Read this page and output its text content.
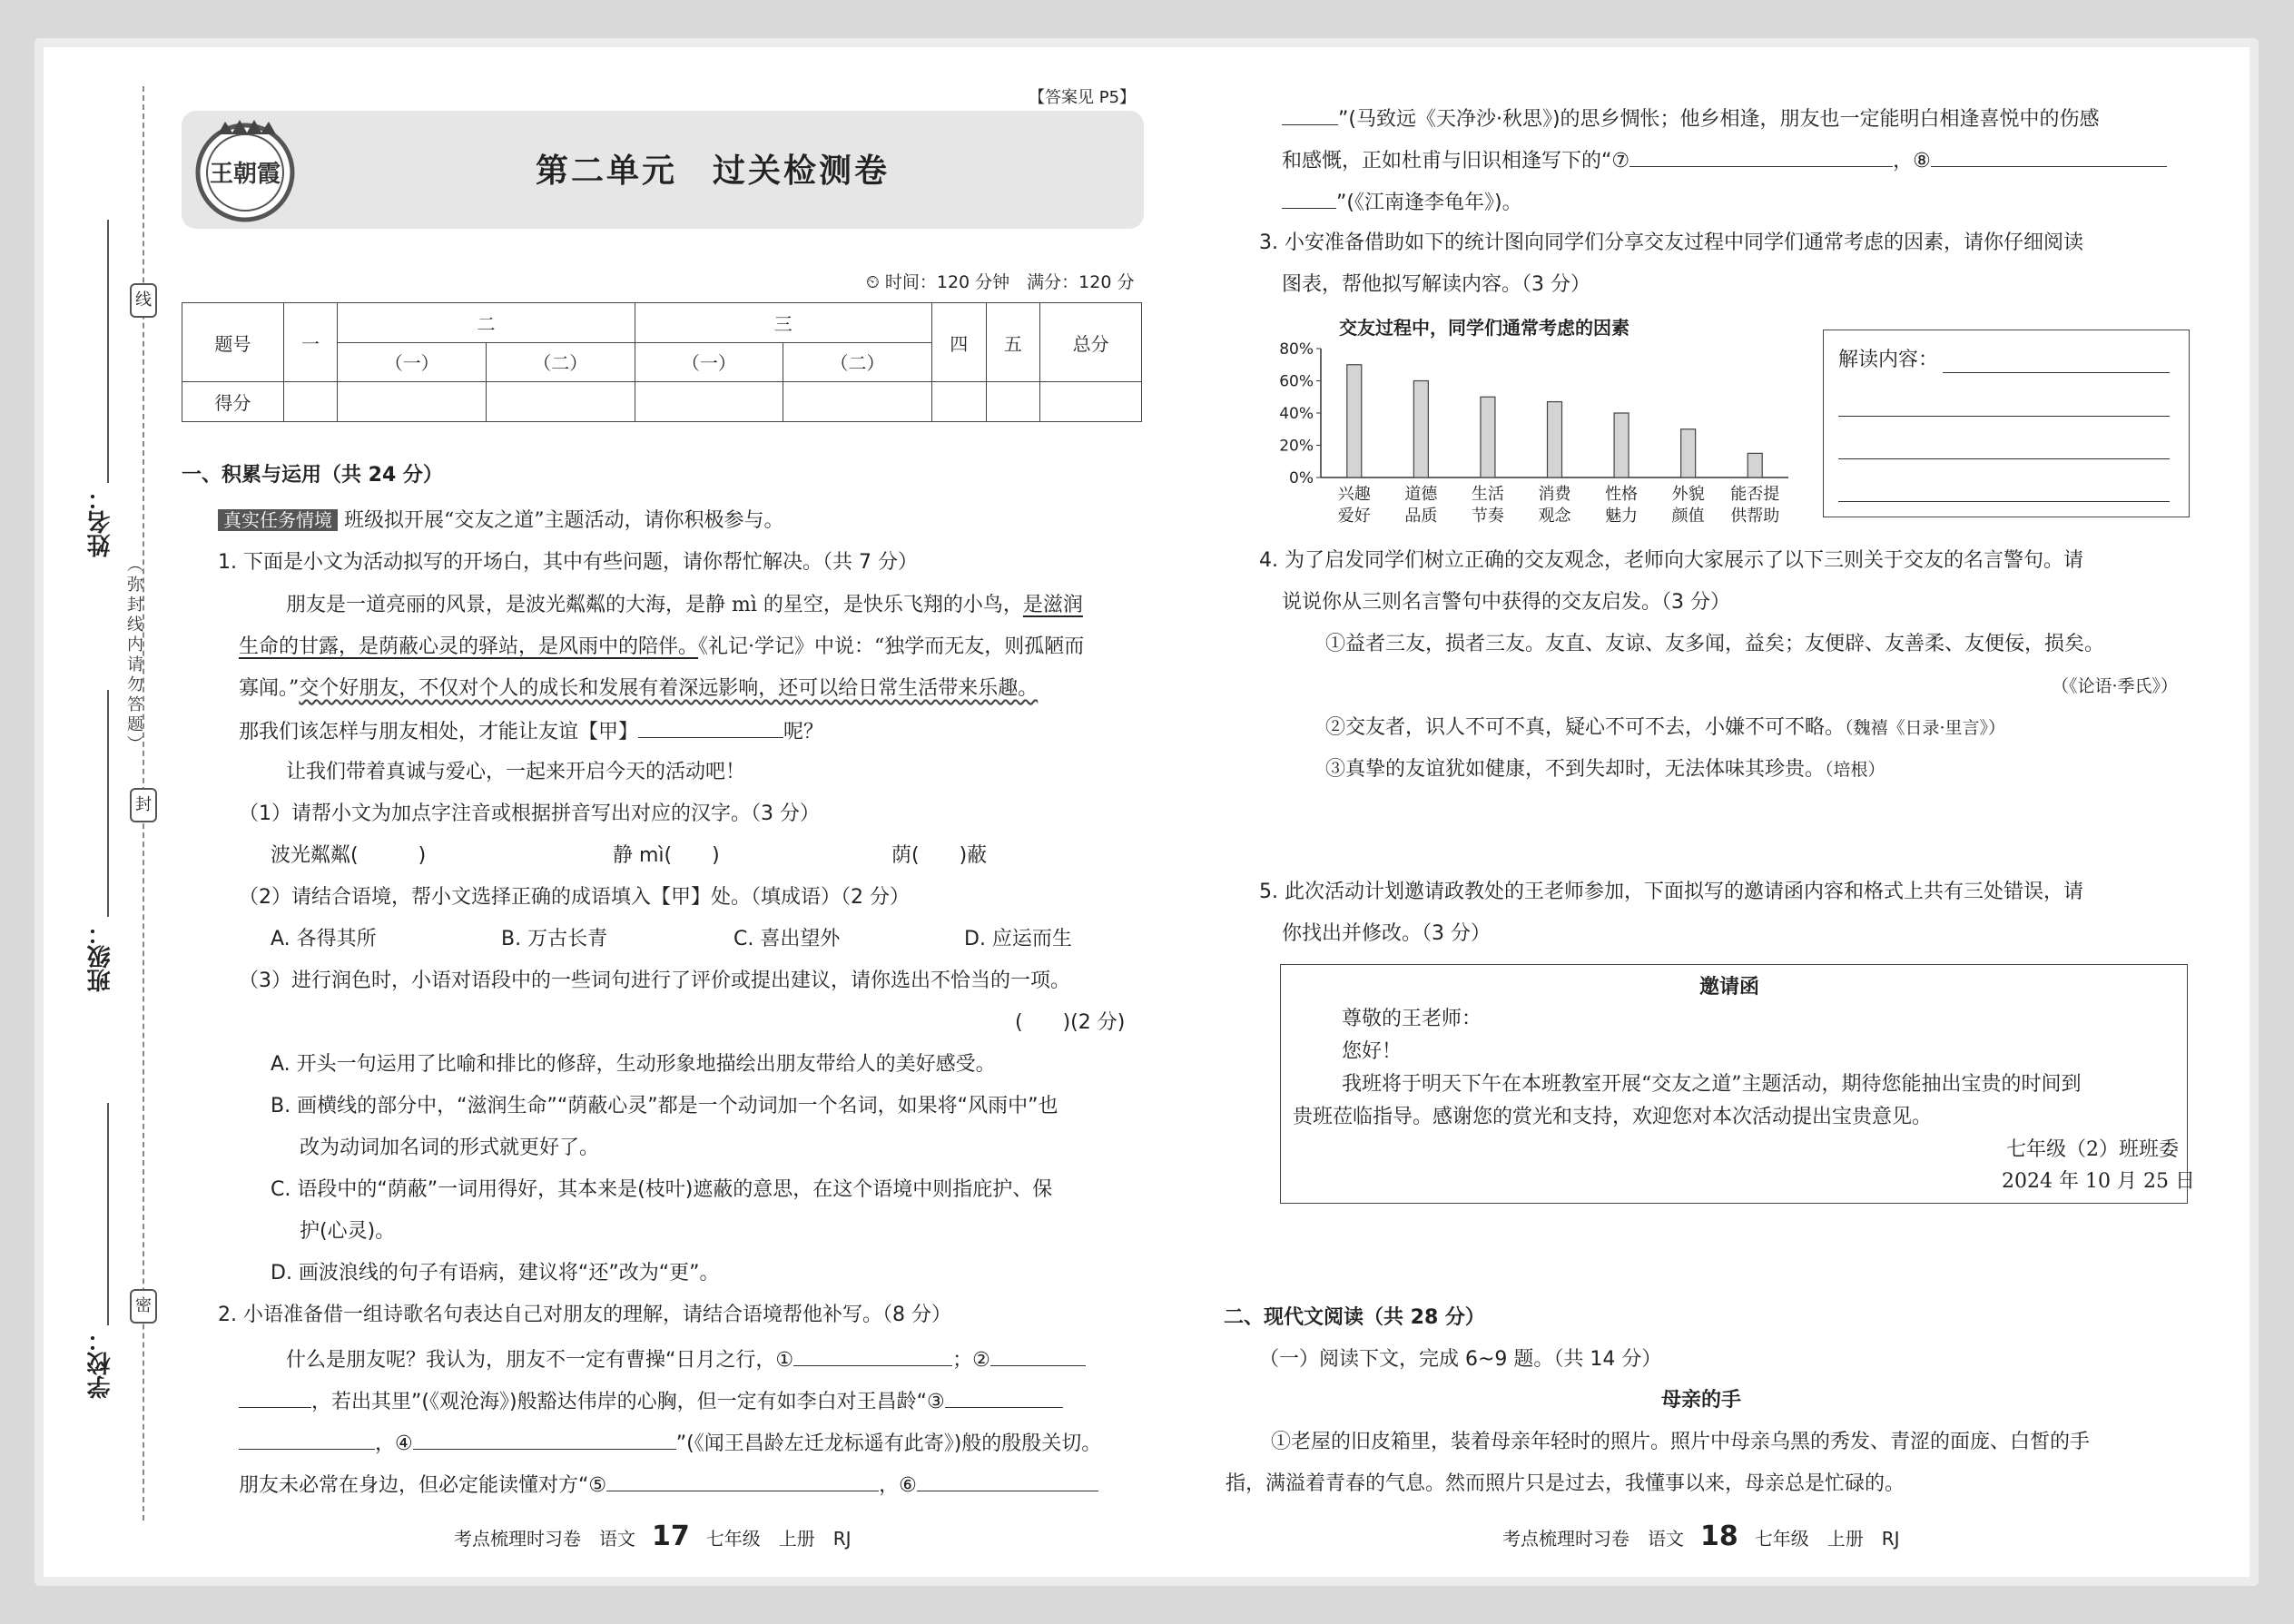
线
封
密
（弥封线内请勿答题）
姓名：
班级：
学校：
【答案见 P5】
王朝霞	第二单元　过关检测卷
⏲ 时间：120 分钟　满分：120 分
题号	一	二		三		四	五	总分
		（一）	（二）	（一）	（二）			
得分								
一、积累与运用（共 24 分）
真实任务情境 班级拟开展“交友之道”主题活动，请你积极参与。
1. 下面是小文为活动拟写的开场白，其中有些问题，请你帮忙解决。（共 7 分）
朋友是一道亮丽的风景，是波光粼粼的大海，是静 mì 的星空，是快乐飞翔的小鸟，是滋润
生命的甘露，是荫蔽心灵的驿站，是风雨中的陪伴。《礼记·学记》中说：“独学而无友，则孤陋而
寡闻。”交个好朋友，不仅对个人的成长和发展有着深远影响，还可以给日常生活带来乐趣。
那我们该怎样与朋友相处，才能让友谊【甲】	呢？
让我们带着真诚与爱心，一起来开启今天的活动吧！
（1）请帮小文为加点字注音或根据拼音写出对应的汉字。（3 分）
波光粼粼(　　　)	静 mì(　　)	荫(　　)蔽
（2）请结合语境，帮小文选择正确的成语填入【甲】处。（填成语）（2 分）
A. 各得其所	B. 万古长青	C. 喜出望外	D. 应运而生
（3）进行润色时，小语对语段中的一些词句进行了评价或提出建议，请你选出不恰当的一项。
(　　)(2 分)
A. 开头一句运用了比喻和排比的修辞，生动形象地描绘出朋友带给人的美好感受。
B. 画横线的部分中，“滋润生命”“荫蔽心灵”都是一个动词加一个名词，如果将“风雨中”也
改为动词加名词的形式就更好了。
C. 语段中的“荫蔽”一词用得好，其本来是(枝叶)遮蔽的意思，在这个语境中则指庇护、保
护(心灵)。
D. 画波浪线的句子有语病，建议将“还”改为“更”。
2. 小语准备借一组诗歌名句表达自己对朋友的理解，请结合语境帮他补写。（8 分）
什么是朋友呢？我认为，朋友不一定有曹操“日月之行，①	；②
，若出其里”(《观沧海》)般豁达伟岸的心胸，但一定有如李白对王昌龄“③
，④	”(《闻王昌龄左迁龙标遥有此寄》)般的殷殷关切。
朋友未必常在身边，但必定能读懂对方“⑤	，⑥
考点梳理时习卷　语文 17 七年级　上册　RJ
”(马致远《天净沙·秋思》)的思乡惆怅；他乡相逢，朋友也一定能明白相逢喜悦中的伤感
和感慨，正如杜甫与旧识相逢写下的“⑦	，⑧
”(《江南逢李龟年》)。
3. 小安准备借助如下的统计图向同学们分享交友过程中同学们通常考虑的因素，请你仔细阅读
图表，帮他拟写解读内容。（3 分）
交友过程中，同学们通常考虑的因素
0%
20%
40%
60%
80%
兴趣
爱好
道德
品质
生活
节奏
消费
观念
性格
魅力
外貌
颜值
能否提
供帮助
解读内容：
4. 为了启发同学们树立正确的交友观念，老师向大家展示了以下三则关于交友的名言警句。请
说说你从三则名言警句中获得的交友启发。（3 分）
①益者三友，损者三友。友直、友谅、友多闻，益矣；友便辟、友善柔、友便佞，损矣。
（《论语·季氏》）
②交友者，识人不可不真，疑心不可不去，小嫌不可不略。（魏禧《日录·里言》）
③真挚的友谊犹如健康，不到失却时，无法体味其珍贵。（培根）
5. 此次活动计划邀请政教处的王老师参加，下面拟写的邀请函内容和格式上共有三处错误，请
你找出并修改。（3 分）
邀请函
尊敬的王老师：
您好！
我班将于明天下午在本班教室开展“交友之道”主题活动，期待您能抽出宝贵的时间到
贵班莅临指导。感谢您的赏光和支持，欢迎您对本次活动提出宝贵意见。
七年级（2）班班委
2024 年 10 月 25 日
二、现代文阅读（共 28 分）
（一）阅读下文，完成 6~9 题。（共 14 分）
母亲的手
①老屋的旧皮箱里，装着母亲年轻时的照片。照片中母亲乌黑的秀发、青涩的面庞、白皙的手
指，满溢着青春的气息。然而照片只是过去，我懂事以来，母亲总是忙碌的。
考点梳理时习卷　语文 18 七年级　上册　RJ
